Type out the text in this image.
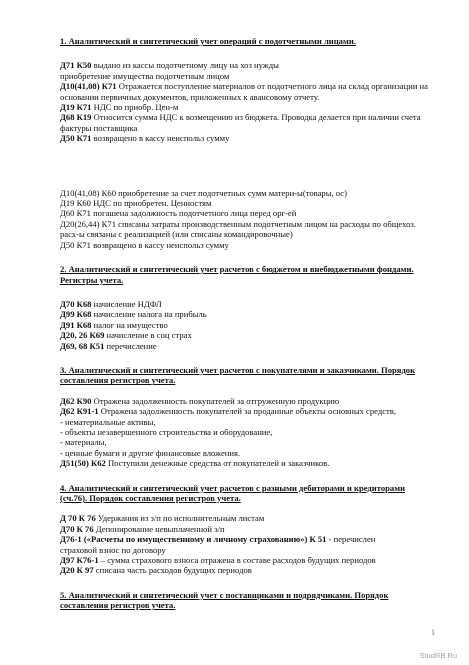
1. Аналитический и синтетический учет операций с подотчетными лицами.

Д71 К50 выдано из кассы подотчетному лицу на хоз нужды

приобретение имущества подотчетным лицом

Д10(41,08) К71 Отражается поступление материалов от подотчетного лица на склад организации на основании первичных документов, приложенных к авансовому отчету.

Д19 К71 НДС по приобр. Цен-м

Д68 К19 Относится сумма НДС к возмещению из бюджета. Проводка делается при наличии счета фактуры поставщика

Д50 К71 возвращено в кассу неиспольз сумму

Д10(41,08) К60 приобретение за счет подотчетных сумм матери-ы(товары, ос)

Д19 К60 НДС по приобретен. Ценностям

Д60 К71 погашена задолжность подотчетного лица перед орг-ей

Д20(26,44) К71 списаны затраты производственным подотчетным лицом на расходы по общехоз. расх-ы связаны с реализацией (или списаны командировочные)

Д50 К71 возвращено в кассу неиспольз сумму

2. Аналитический и синтетический учет расчетов с бюджетом и внебюджетными фондами. Регистры учета.

Д70 К68 начисление НДФЛ

Д99 К68 начисление налога на прибыль

Д91 К68 налог на имущество

Д20, 26 К69 начисление в соц страх

Д69, 68 К51 перечисление

3. Аналитический и синтетический учет расчетов с покупателями и заказчиками. Порядок составления регистров учета.

Д62 К90 Отражена задолженность покупателей за отгруженную продукцию

Д62 К91-1 Отражена задолженность покупателей за проданные объекты основных средств,

- нематериальные активы,

- объекты незавершенного строительства и оборудование,

- материалы,

- ценные бумаги и другие финансовые вложения.

Д51(50) К62 Поступили денежные средства от покупателей и заказчиков.

4. Аналитический и синтетический учет расчетов с разными дебиторами и кредиторами (сч.76). Порядок составления регистров учета.

Д 70 К 76 Удержания из з/п по исполнительным листам

Д70 К 76 Депонирование невыплаченной з/п

Д76-1 («Расчеты по имущественному и личному страхованию») К 51 - перечислен

страховой взнос по договору

Д97 К76-1 – сумма страхового взноса отражена в составе расходов будущих периодов

Д20 К 97 списана часть расходов будущих периодов

5. Аналитический и синтетический учет с поставщиками и подрядчиками. Порядок составления регистров учета.

1
StudRB.Ru
